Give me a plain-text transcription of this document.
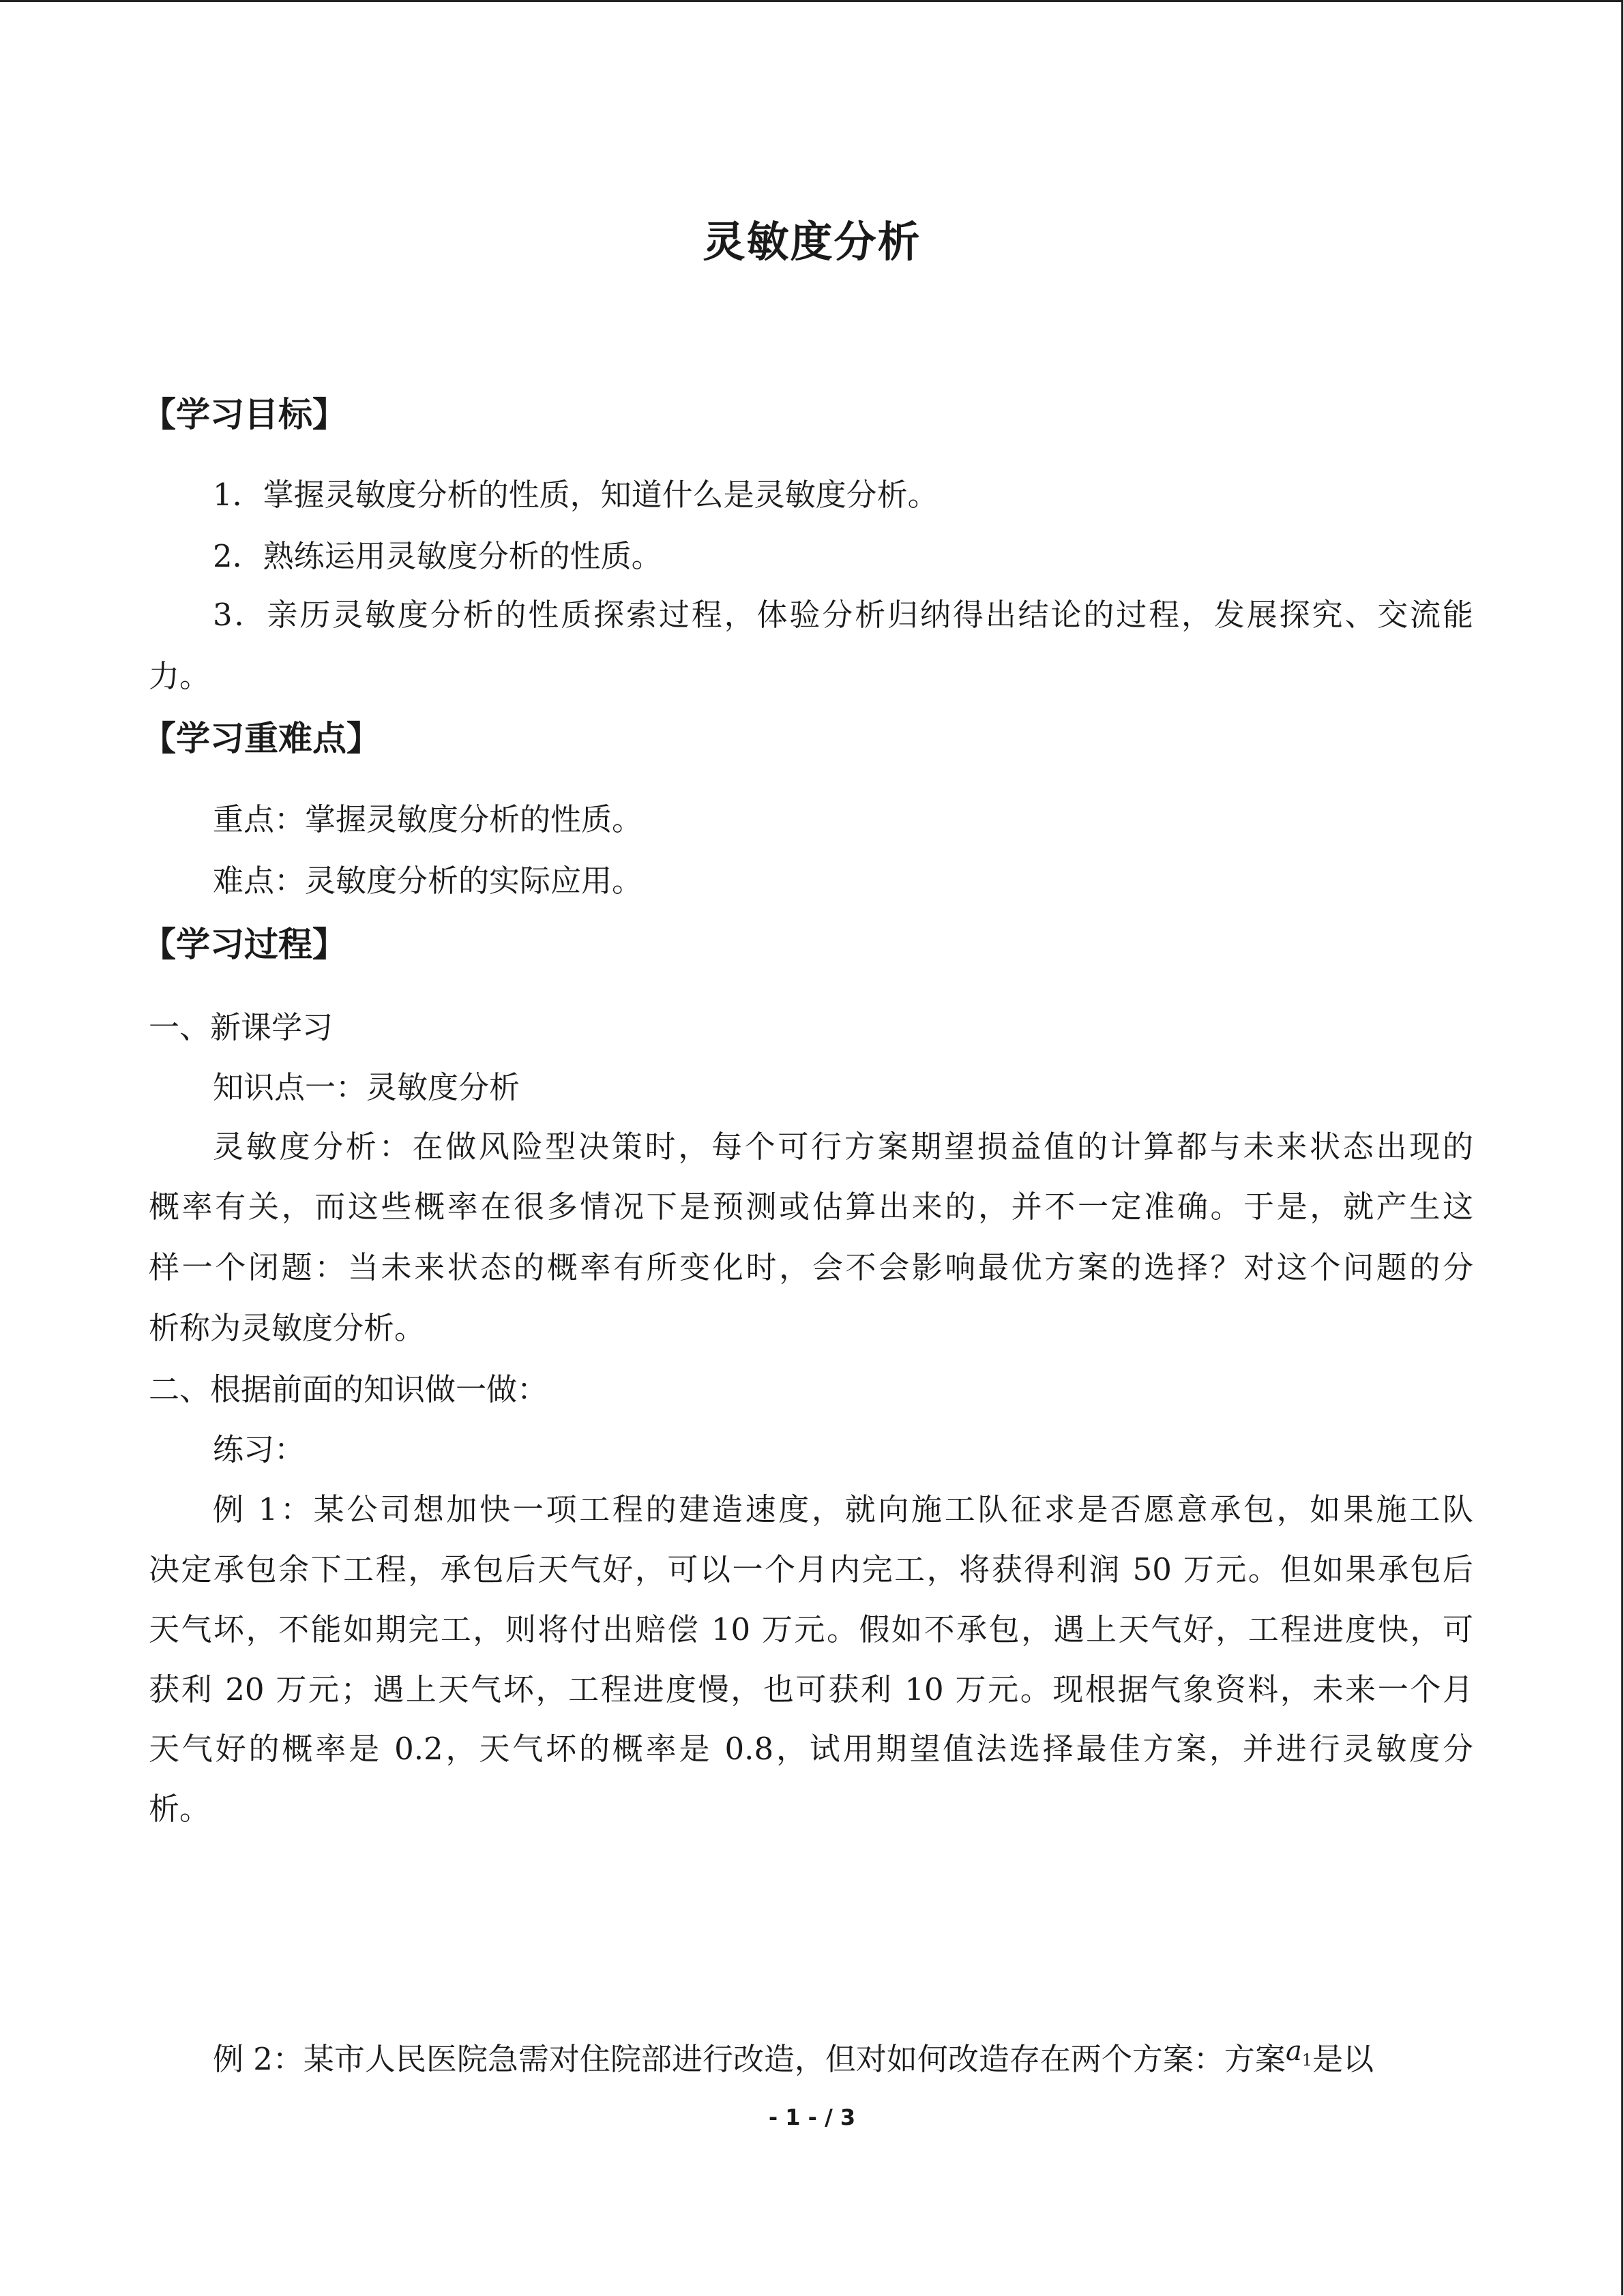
灵敏度分析
【学习目标】
1．掌握灵敏度分析的性质，知道什么是灵敏度分析。
2．熟练运用灵敏度分析的性质。
3．亲历灵敏度分析的性质探索过程，体验分析归纳得出结论的过程，发展探究、交流能
力。
【学习重难点】
重点：掌握灵敏度分析的性质。
难点：灵敏度分析的实际应用。
【学习过程】
一、新课学习
知识点一：灵敏度分析
灵敏度分析：在做风险型决策时，每个可行方案期望损益值的计算都与未来状态出现的
概率有关，而这些概率在很多情况下是预测或估算出来的，并不一定准确。于是，就产生这
样一个闭题：当未来状态的概率有所变化时，会不会影响最优方案的选择？对这个问题的分
析称为灵敏度分析。
二、根据前面的知识做一做：
练习：
例 1：某公司想加快一项工程的建造速度，就向施工队征求是否愿意承包，如果施工队
决定承包余下工程，承包后天气好，可以一个月内完工，将获得利润 50 万元。但如果承包后
天气坏，不能如期完工，则将付出赔偿 10 万元。假如不承包，遇上天气好，工程进度快，可
获利 20 万元；遇上天气坏，工程进度慢，也可获利 10 万元。现根据气象资料，未来一个月
天气好的概率是 0.2，天气坏的概率是 0.8，试用期望值法选择最佳方案，并进行灵敏度分
析。
例 2：某市人民医院急需对住院部进行改造，但对如何改造存在两个方案：方案a1是以
- 1 - / 3
